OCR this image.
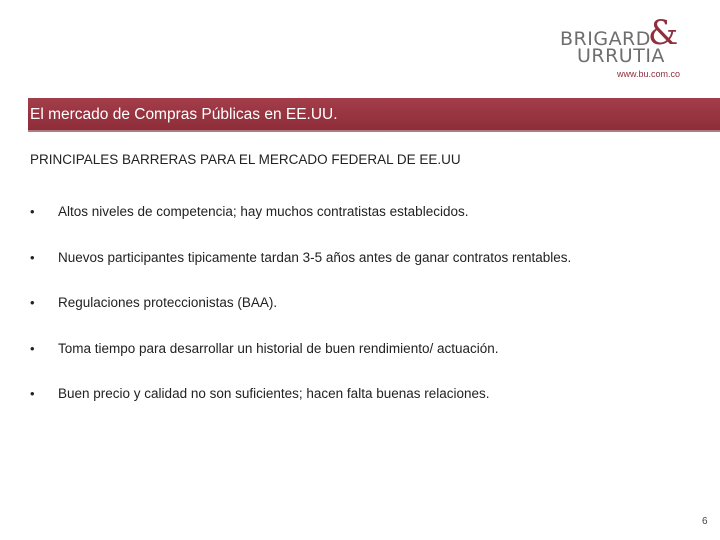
BRIGARD
&
URRUTIA
www.bu.com.co
El mercado de Compras Públicas en EE.UU.
PRINCIPALES BARRERAS PARA EL MERCADO FEDERAL DE EE.UU
• Altos niveles de competencia; hay muchos contratistas establecidos.
• Nuevos participantes tipicamente tardan 3-5 años antes de ganar contratos rentables.
• Regulaciones proteccionistas (BAA).
• Toma tiempo para desarrollar un historial de buen rendimiento/ actuación.
• Buen precio y calidad no son suficientes; hacen falta buenas relaciones.
6
